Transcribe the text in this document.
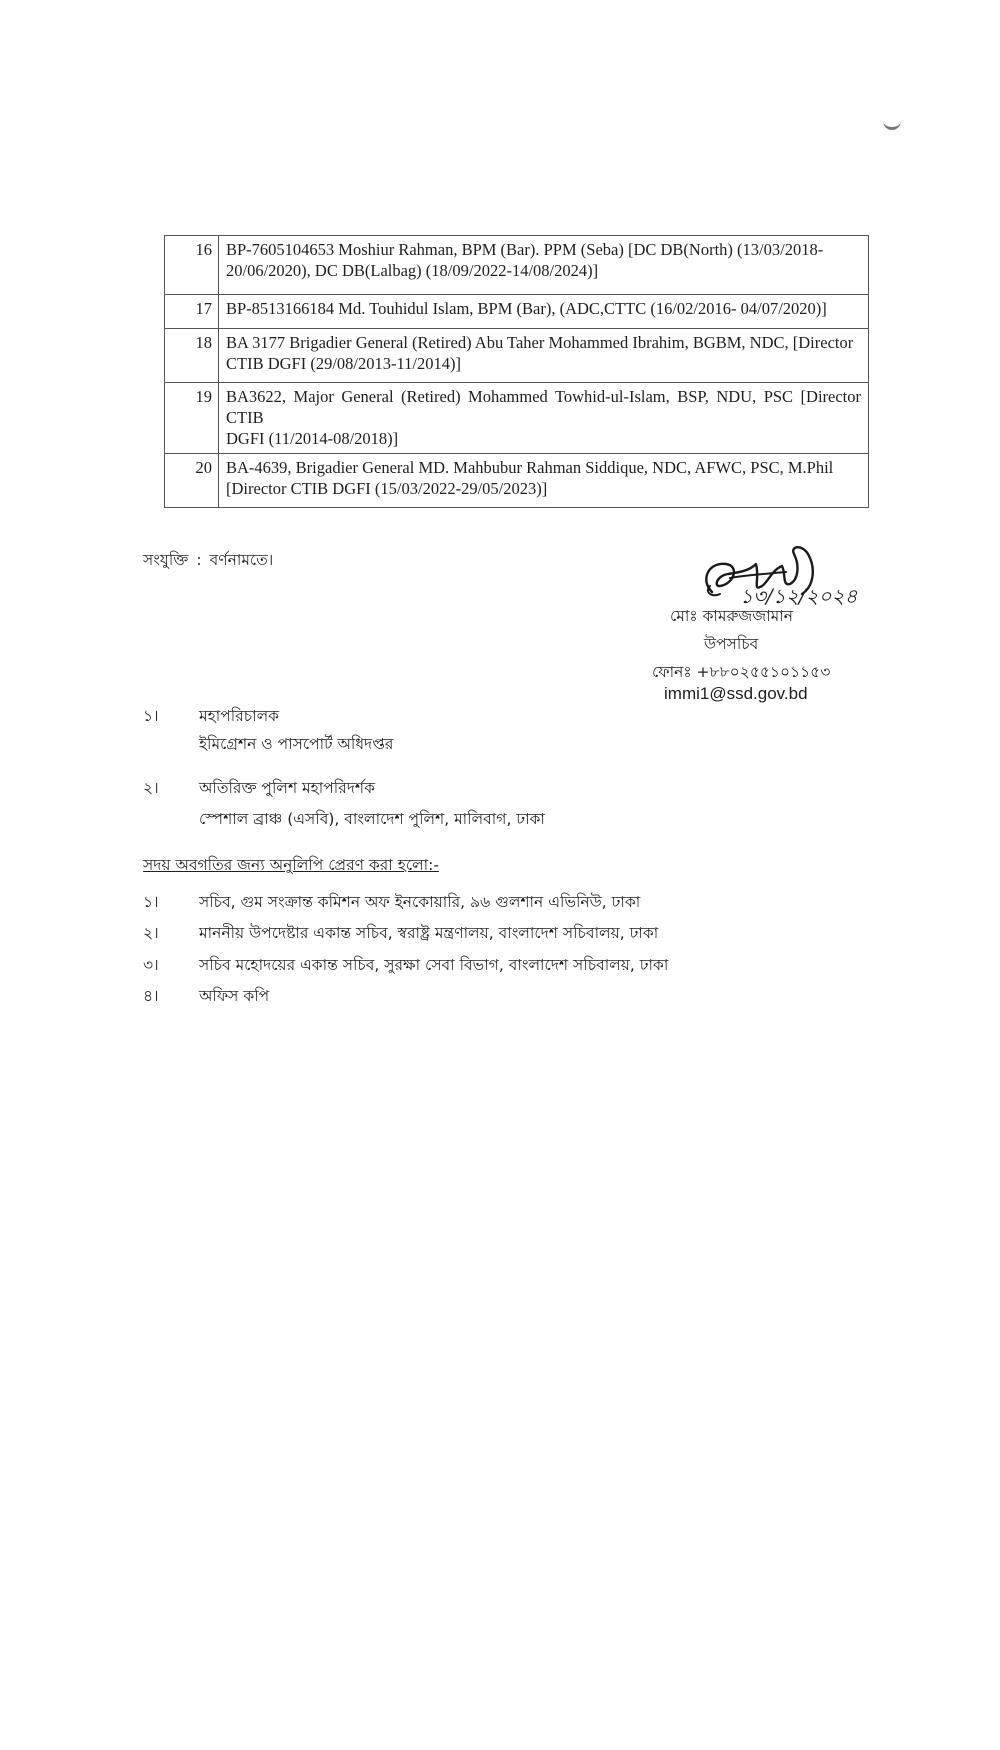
16	BP-7605104653 Moshiur Rahman, BPM (Bar). PPM (Seba) [DC DB(North) (13/03/2018-
20/06/2020), DC DB(Lalbag) (18/09/2022-14/08/2024)]
17	BP-8513166184 Md. Touhidul Islam, BPM (Bar), (ADC,CTTC (16/02/2016- 04/07/2020)]
18	BA 3177 Brigadier General (Retired) Abu Taher Mohammed Ibrahim, BGBM, NDC, [Director
CTIB DGFI (29/08/2013-11/2014)]
19	BA3622, Major General (Retired) Mohammed Towhid-ul-Islam, BSP, NDU, PSC [Director CTIB
DGFI (11/2014-08/2018)]
20	BA-4639, Brigadier General MD. Mahbubur Rahman Siddique, NDC, AFWC, PSC, M.Phil
[Director CTIB DGFI (15/03/2022-29/05/2023)]
সংযুক্তি : বর্ণনামতে।
১৩/১২/২০২৪
মোঃ কামরুজজামান
উপসচিব
ফোনঃ +৮৮০২৫৫১০১১৫৩
immi1@ssd.gov.bd
১।	মহাপরিচালক
ইমিগ্রেশন ও পাসপোর্ট অধিদপ্তর
২।	অতিরিক্ত পুলিশ মহাপরিদর্শক
স্পেশাল ব্রাঞ্চ (এসবি), বাংলাদেশ পুলিশ, মালিবাগ, ঢাকা
সদয় অবগতির জন্য অনুলিপি প্রেরণ করা হলো:-
১।	সচিব, গুম সংক্রান্ত কমিশন অফ ইনকোয়ারি, ৯৬ গুলশান এভিনিউ, ঢাকা
২।	মাননীয় উপদেষ্টার একান্ত সচিব, স্বরাষ্ট্র মন্ত্রণালয়, বাংলাদেশ সচিবালয়, ঢাকা
৩।	সচিব মহোদয়ের একান্ত সচিব, সুরক্ষা সেবা বিভাগ, বাংলাদেশ সচিবালয়, ঢাকা
৪।	অফিস কপি
